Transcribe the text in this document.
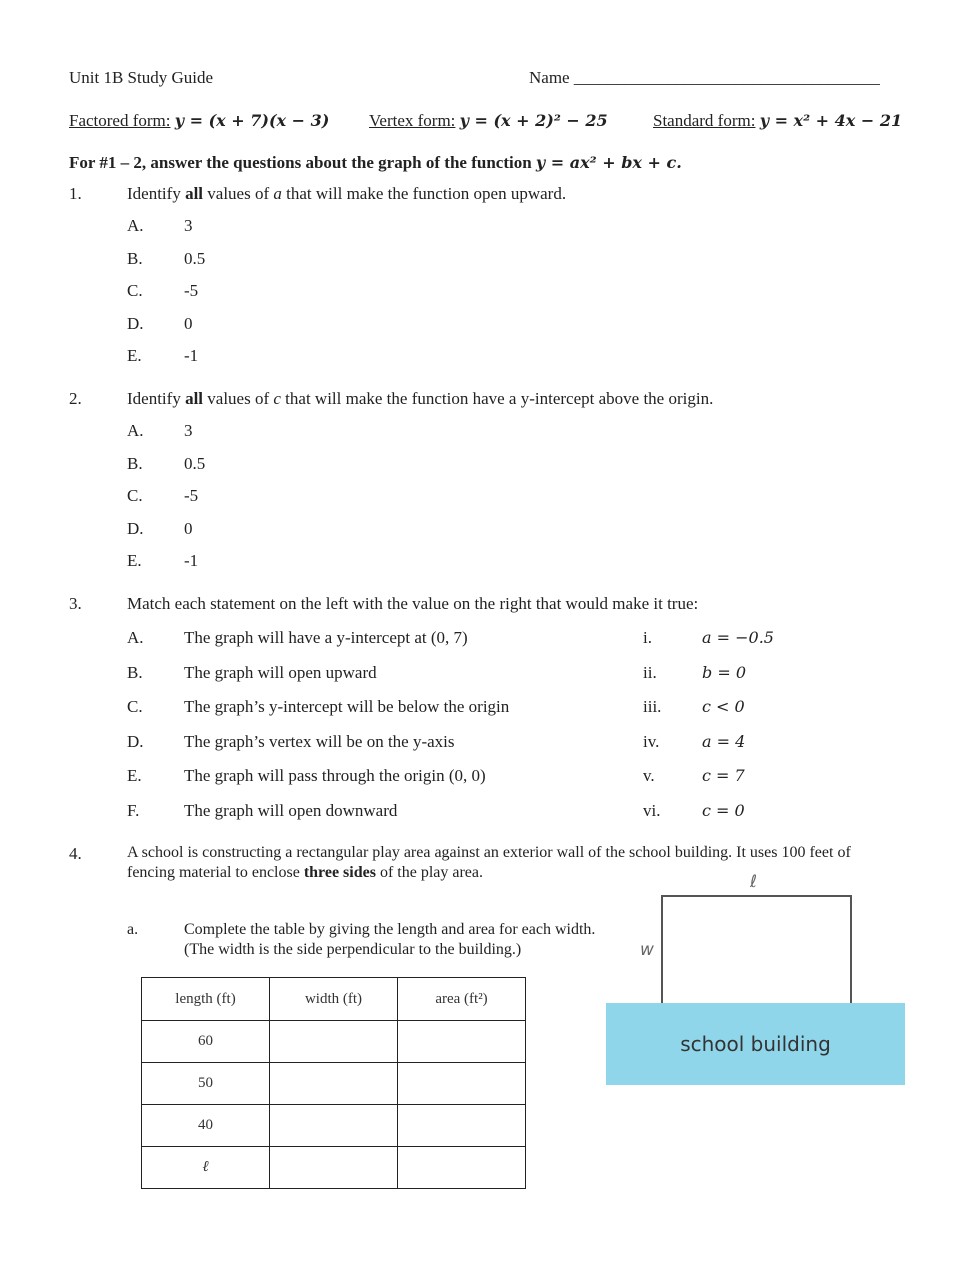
school building
ℓ
w
length (ft)	width (ft)	area (ft²)
60		
50		
40		
ℓ		
Unit 1B Study Guide	Name ____________________________________
Factored form: y = (x + 7)(x − 3) Vertex form: y = (x + 2)² − 25	Standard form: y = x² + 4x − 21
For #1 – 2, answer the questions about the graph of the function y = ax² + bx + c.
1.	Identify all values of a that will make the function open upward.
A. 3
B. 0.5
C. -5
D. 0
E. -1
2.	Identify all values of c that will make the function have a y-intercept above the origin.
A. 3
B. 0.5
C. -5
D. 0
E. -1
3.	Match each statement on the left with the value on the right that would make it true:
A. The graph will have a y-intercept at (0, 7)	i.	a = −0.5
B. The graph will open upward	ii.	b = 0
C. The graph’s y-intercept will be below the origin	iii.	c < 0
D. The graph’s vertex will be on the y-axis	iv.	a = 4
E. The graph will pass through the origin (0, 0)	v.	c = 7
F.	The graph will open downward	vi.	c = 0
4.	A school is constructing a rectangular play area against an exterior wall of the school building. It uses 100 feet of
fencing material to enclose three sides of the play area.
a.	Complete the table by giving the length and area for each width.
(The width is the side perpendicular to the building.)
